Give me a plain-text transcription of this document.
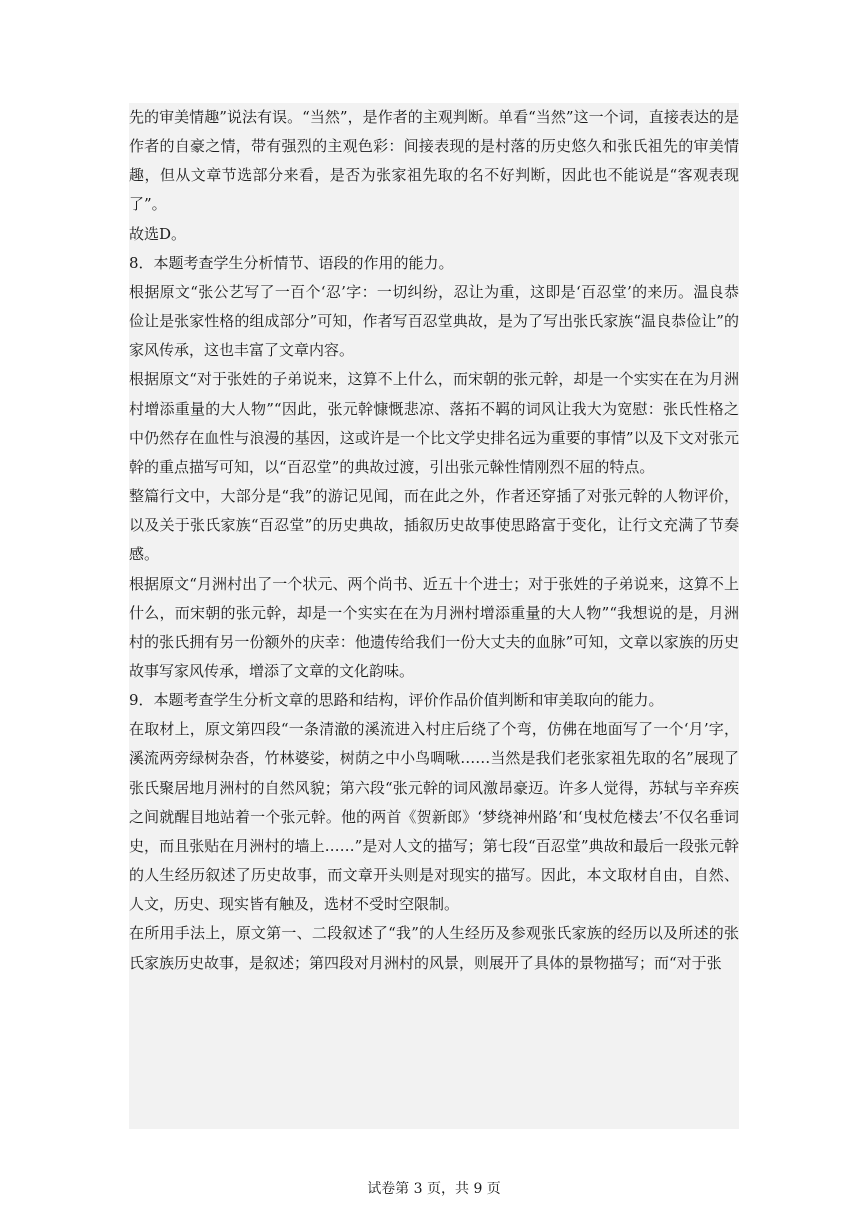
先的审美情趣”说法有误。“当然”，是作者的主观判断。单看“当然”这一个词，直接表达的是作者的自豪之情，带有强烈的主观色彩：间接表现的是村落的历史悠久和张氏祖先的审美情趣，但从文章节选部分来看，是否为张家祖先取的名不好判断，因此也不能说是“客观表现了”。

故选D。

8．本题考查学生分析情节、语段的作用的能力。

根据原文“张公艺写了一百个‘忍’字：一切纠纷，忍让为重，这即是‘百忍堂’的来历。温良恭俭让是张家性格的组成部分”可知，作者写百忍堂典故，是为了写出张氏家族“温良恭俭让”的家风传承，这也丰富了文章内容。

根据原文“对于张姓的子弟说来，这算不上什么，而宋朝的张元幹，却是一个实实在在为月洲村增添重量的大人物”“因此，张元幹慷慨悲凉、落拓不羁的词风让我大为宽慰：张氏性格之中仍然存在血性与浪漫的基因，这或许是一个比文学史排名远为重要的事情”以及下文对张元幹的重点描写可知，以“百忍堂”的典故过渡，引出张元榦性情刚烈不屈的特点。

整篇行文中，大部分是“我”的游记见闻，而在此之外，作者还穿插了对张元幹的人物评价，以及关于张氏家族“百忍堂”的历史典故，插叙历史故事使思路富于变化，让行文充满了节奏感。

根据原文“月洲村出了一个状元、两个尚书、近五十个进士；对于张姓的子弟说来，这算不上什么，而宋朝的张元幹，却是一个实实在在为月洲村增添重量的大人物”“我想说的是，月洲村的张氏拥有另一份额外的庆幸：他遗传给我们一份大丈夫的血脉”可知，文章以家族的历史故事写家风传承，增添了文章的文化韵味。

9．本题考查学生分析文章的思路和结构，评价作品价值判断和审美取向的能力。

在取材上，原文第四段“一条清澈的溪流进入村庄后绕了个弯，仿佛在地面写了一个‘月’字，溪流两旁绿树杂沓，竹林婆娑，树荫之中小鸟啁啾……当然是我们老张家祖先取的名”展现了张氏聚居地月洲村的自然风貌；第六段“张元幹的词风激昂豪迈。许多人觉得，苏轼与辛弃疾之间就醒目地站着一个张元幹。他的两首《贺新郎》‘梦绕神州路’和‘曳杖危楼去’不仅名垂词史，而且张贴在月洲村的墙上……”是对人文的描写；第七段“百忍堂”典故和最后一段张元幹的人生经历叙述了历史故事，而文章开头则是对现实的描写。因此，本文取材自由，自然、人文，历史、现实皆有触及，选材不受时空限制。

在所用手法上，原文第一、二段叙述了“我”的人生经历及参观张氏家族的经历以及所述的张氏家族历史故事，是叙述；第四段对月洲村的风景，则展开了具体的景物描写；而“对于张

试卷第 3 页，共 9 页
